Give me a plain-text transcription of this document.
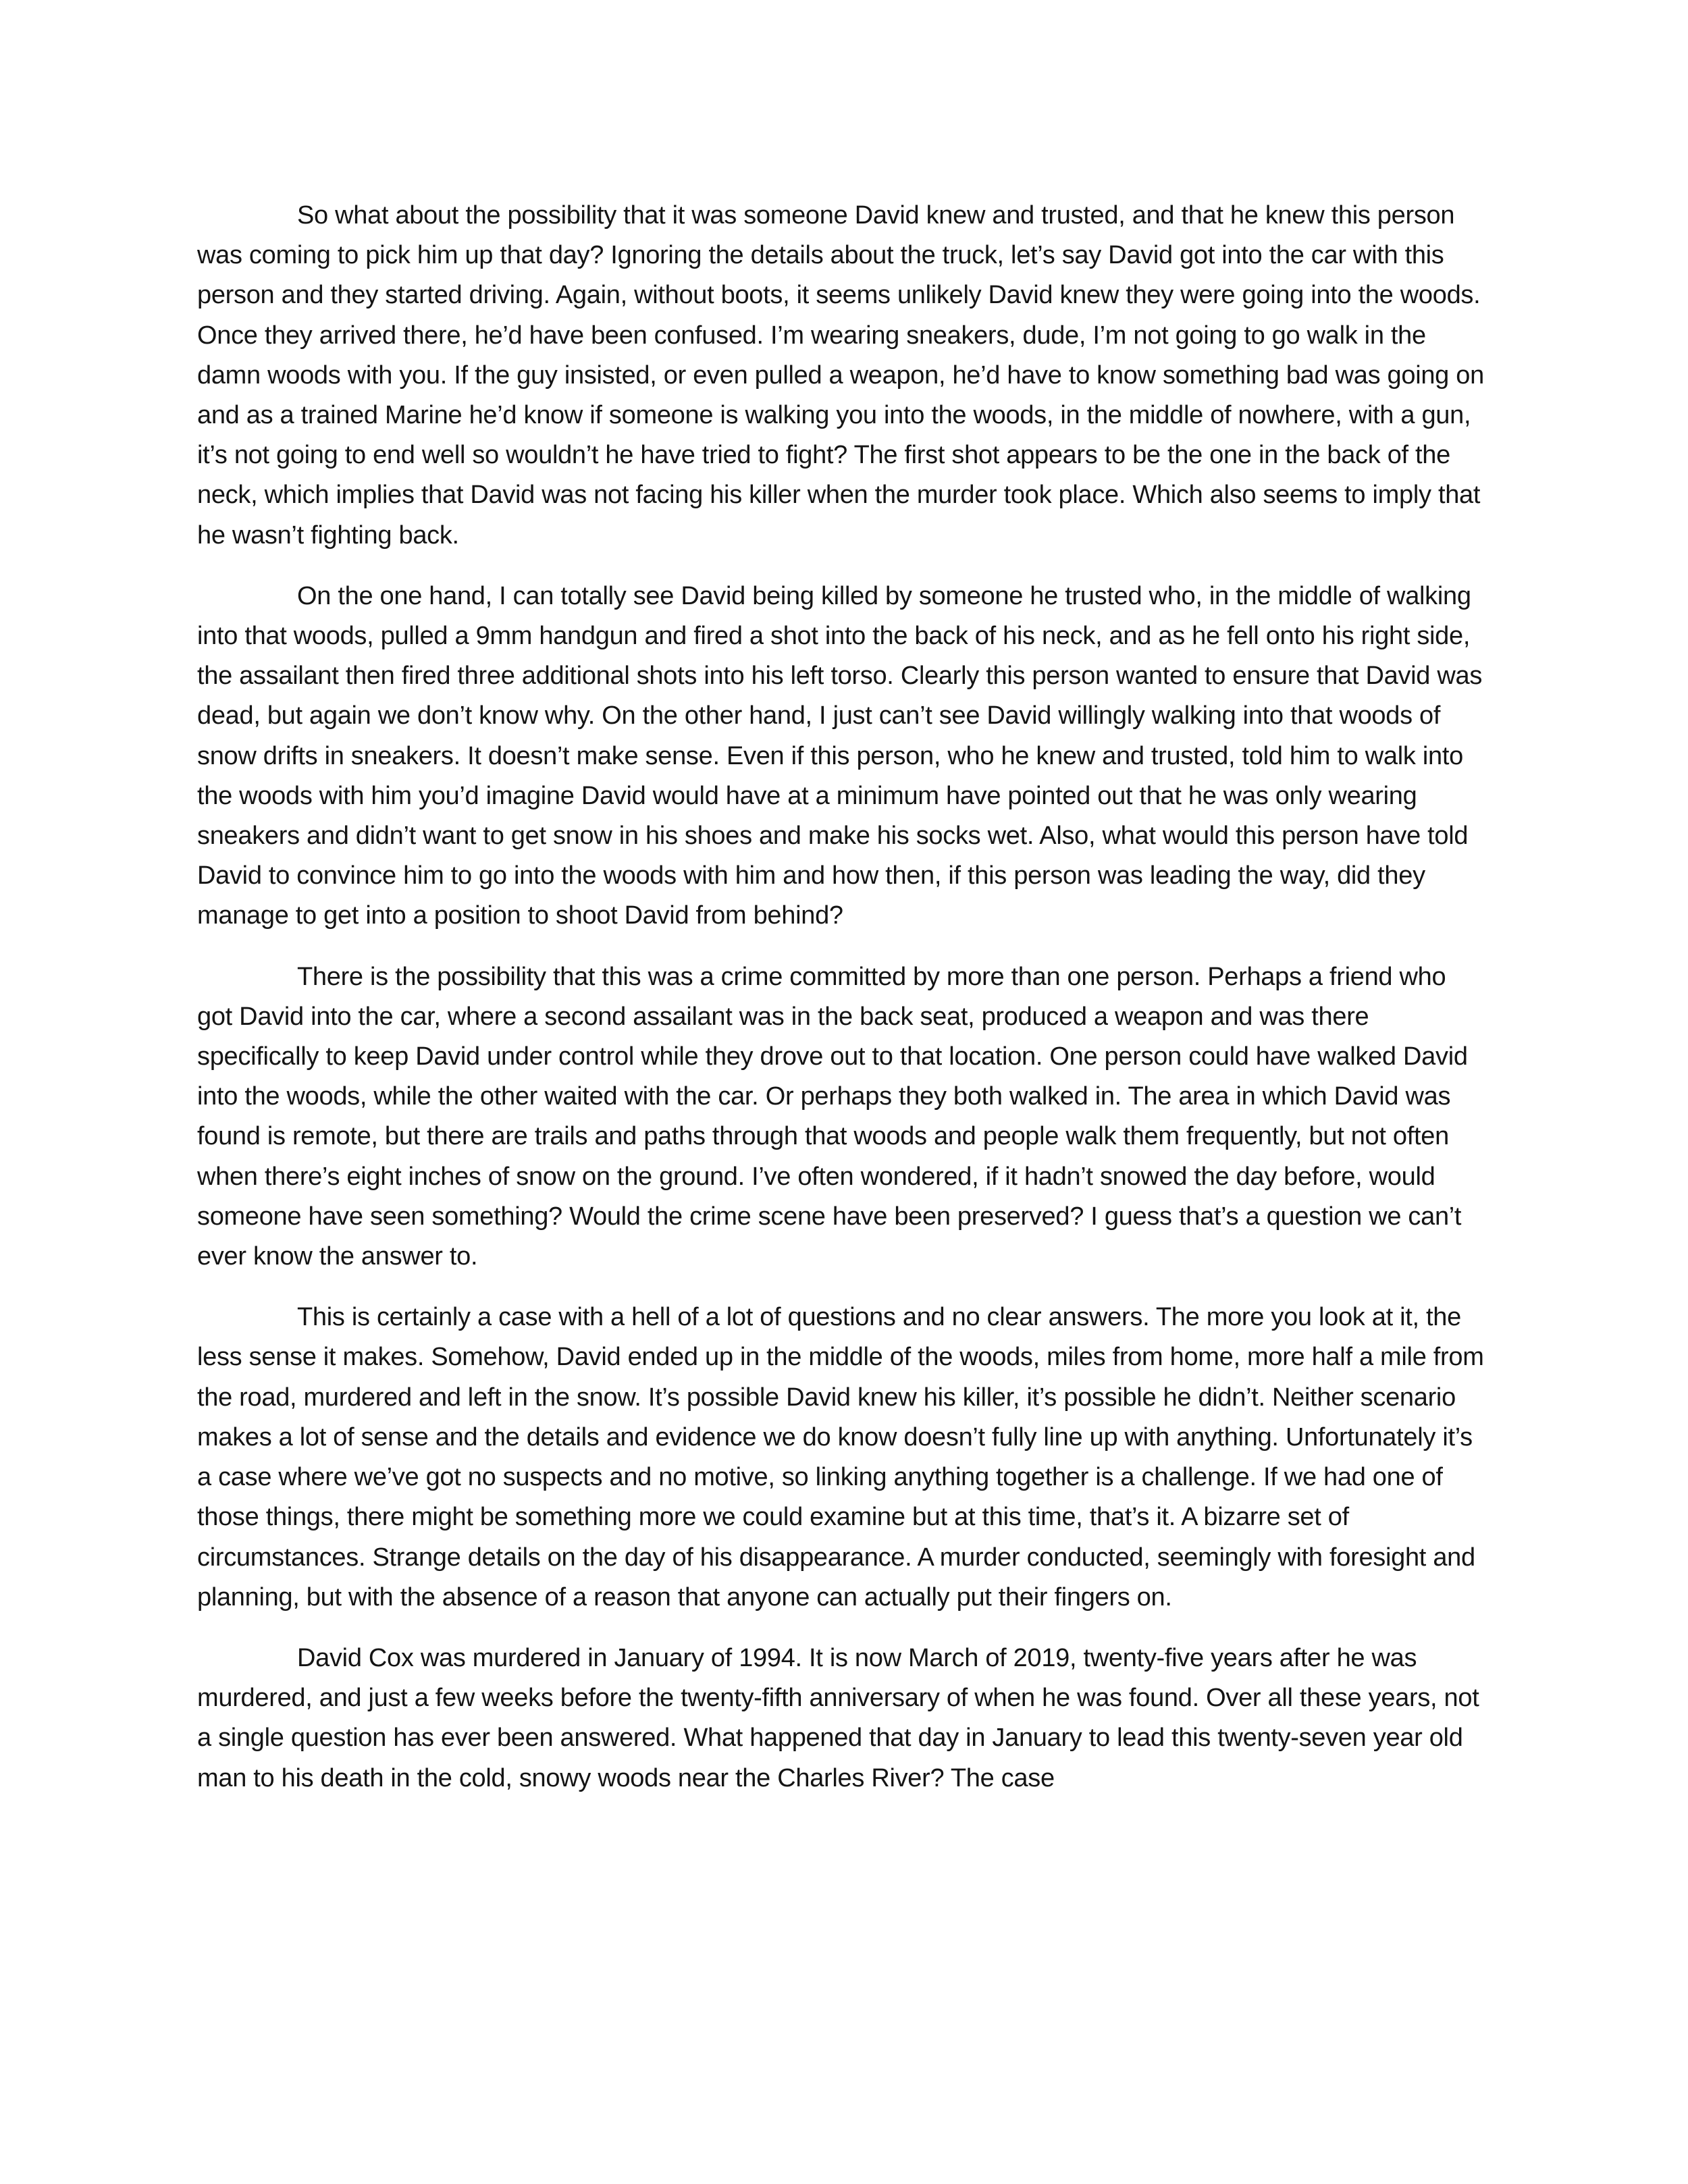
So what about the possibility that it was someone David knew and trusted, and that he knew this person was coming to pick him up that day? Ignoring the details about the truck, let’s say David got into the car with this person and they started driving. Again, without boots, it seems unlikely David knew they were going into the woods. Once they arrived there, he’d have been confused. I’m wearing sneakers, dude, I’m not going to go walk in the damn woods with you. If the guy insisted, or even pulled a weapon, he’d have to know something bad was going on and as a trained Marine he’d know if someone is walking you into the woods, in the middle of nowhere, with a gun, it’s not going to end well so wouldn’t he have tried to fight? The first shot appears to be the one in the back of the neck, which implies that David was not facing his killer when the murder took place. Which also seems to imply that he wasn’t fighting back.

On the one hand, I can totally see David being killed by someone he trusted who, in the middle of walking into that woods, pulled a 9mm handgun and fired a shot into the back of his neck, and as he fell onto his right side, the assailant then fired three additional shots into his left torso. Clearly this person wanted to ensure that David was dead, but again we don’t know why. On the other hand, I just can’t see David willingly walking into that woods of snow drifts in sneakers. It doesn’t make sense. Even if this person, who he knew and trusted, told him to walk into the woods with him you’d imagine David would have at a minimum have pointed out that he was only wearing sneakers and didn’t want to get snow in his shoes and make his socks wet. Also, what would this person have told David to convince him to go into the woods with him and how then, if this person was leading the way, did they manage to get into a position to shoot David from behind?

There is the possibility that this was a crime committed by more than one person. Perhaps a friend who got David into the car, where a second assailant was in the back seat, produced a weapon and was there specifically to keep David under control while they drove out to that location. One person could have walked David into the woods, while the other waited with the car. Or perhaps they both walked in. The area in which David was found is remote, but there are trails and paths through that woods and people walk them frequently, but not often when there’s eight inches of snow on the ground. I’ve often wondered, if it hadn’t snowed the day before, would someone have seen something? Would the crime scene have been preserved? I guess that’s a question we can’t ever know the answer to.

This is certainly a case with a hell of a lot of questions and no clear answers. The more you look at it, the less sense it makes. Somehow, David ended up in the middle of the woods, miles from home, more half a mile from the road, murdered and left in the snow. It’s possible David knew his killer, it’s possible he didn’t. Neither scenario makes a lot of sense and the details and evidence we do know doesn’t fully line up with anything. Unfortunately it’s a case where we’ve got no suspects and no motive, so linking anything together is a challenge. If we had one of those things, there might be something more we could examine but at this time, that’s it. A bizarre set of circumstances. Strange details on the day of his disappearance. A murder conducted, seemingly with foresight and planning, but with the absence of a reason that anyone can actually put their fingers on.

David Cox was murdered in January of 1994. It is now March of 2019, twenty-five years after he was murdered, and just a few weeks before the twenty-fifth anniversary of when he was found. Over all these years, not a single question has ever been answered. What happened that day in January to lead this twenty-seven year old man to his death in the cold, snowy woods near the Charles River? The case
